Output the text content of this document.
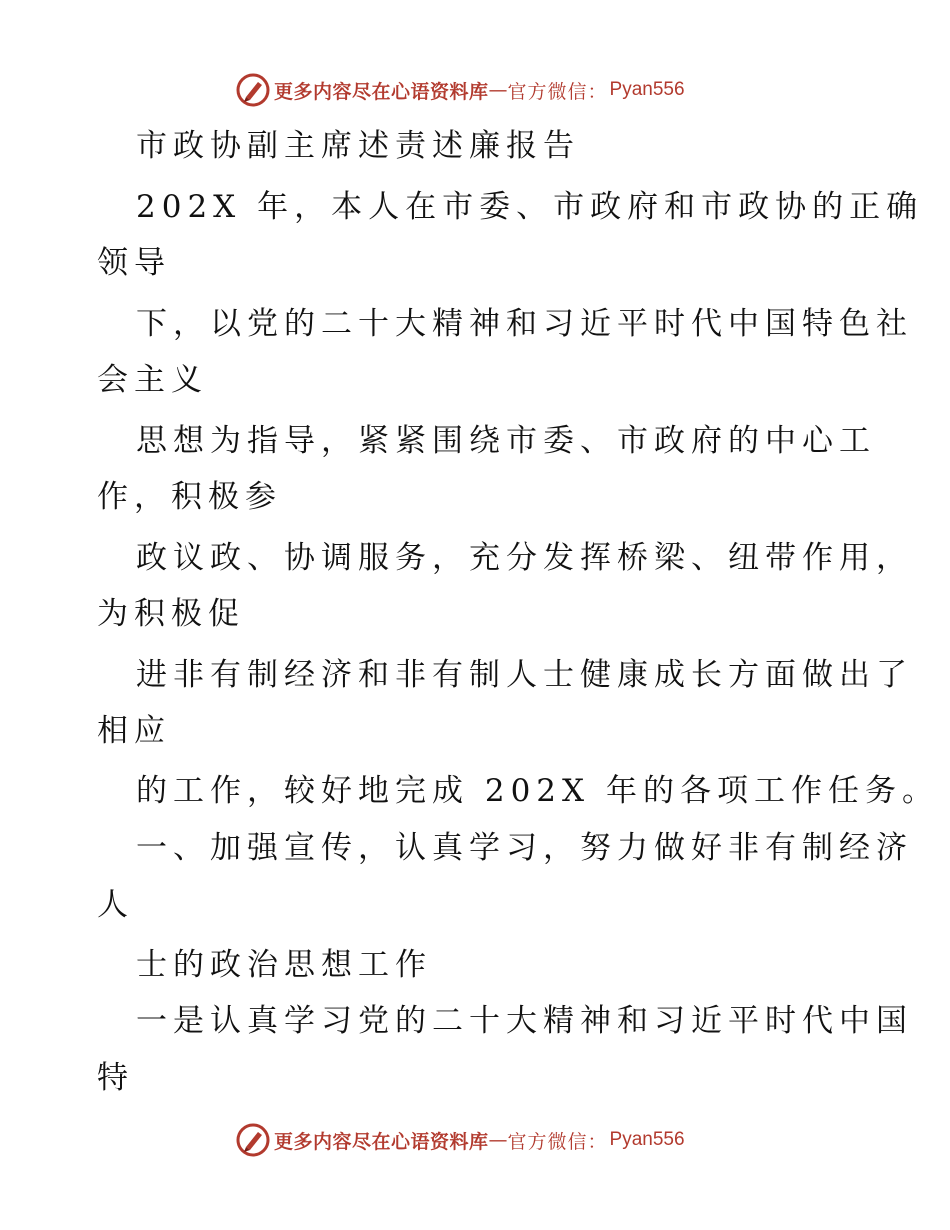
更多内容尽在心语资料库 — 官方微信： Pyan556
市政协副主席述责述廉报告
202X 年，本人在市委、市政府和市政协的正确
领导
下，以党的二十大精神和习近平时代中国特色社
会主义
思想为指导，紧紧围绕市委、市政府的中心工
作，积极参
政议政、协调服务，充分发挥桥梁、纽带作用，
为积极促
进非有制经济和非有制人士健康成长方面做出了
相应
的工作，较好地完成 202X 年的各项工作任务。
一、加强宣传，认真学习，努力做好非有制经济
人
士的政治思想工作
一是认真学习党的二十大精神和习近平时代中国
特
更多内容尽在心语资料库 — 官方微信： Pyan556
